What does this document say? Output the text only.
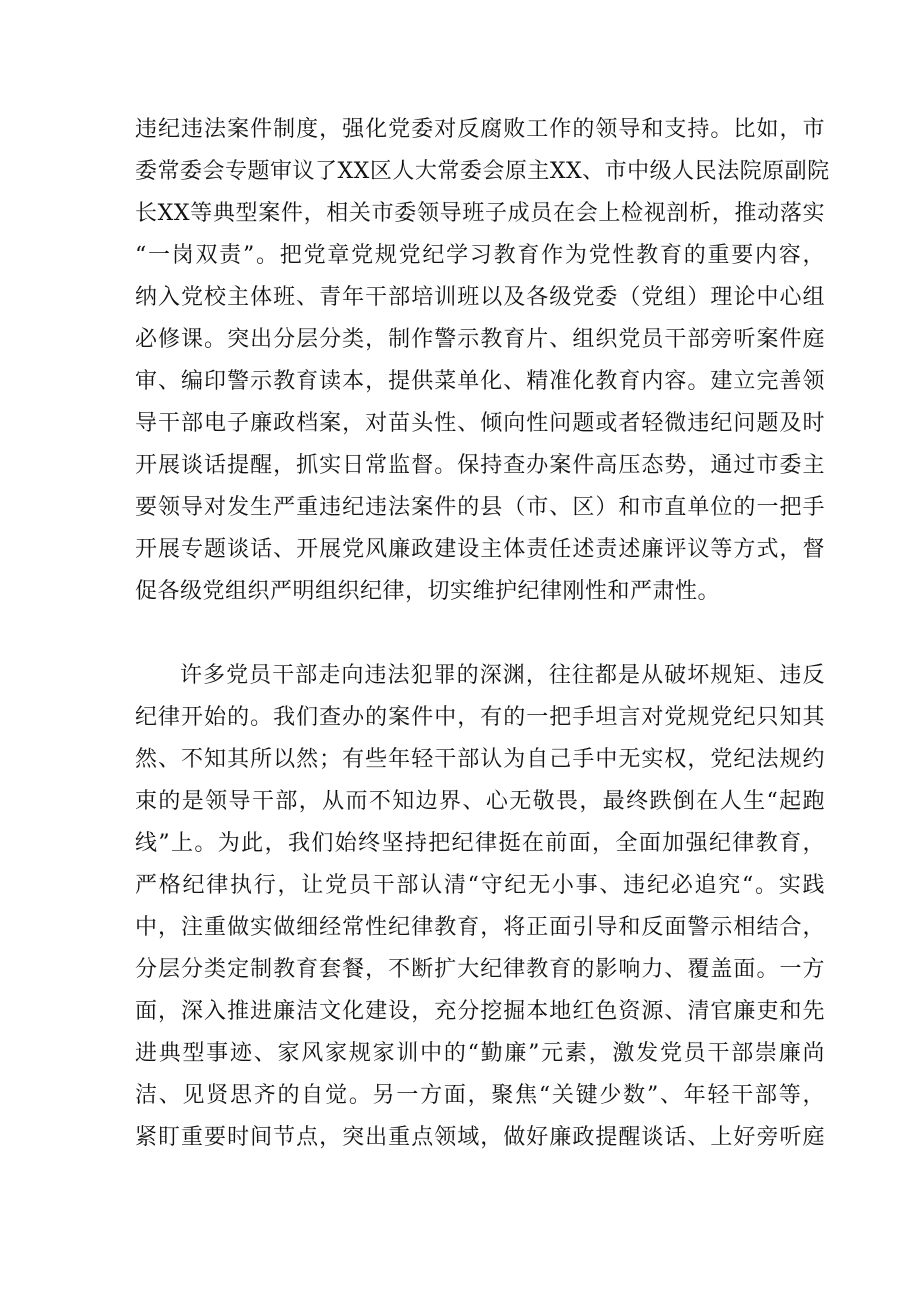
违纪违法案件制度，强化党委对反腐败工作的领导和支持。比如，市
委常委会专题审议了XX区人大常委会原主XX、市中级人民法院原副院
长XX等典型案件，相关市委领导班子成员在会上检视剖析，推动落实
“一岗双责”。把党章党规党纪学习教育作为党性教育的重要内容，
纳入党校主体班、青年干部培训班以及各级党委（党组）理论中心组
必修课。突出分层分类，制作警示教育片、组织党员干部旁听案件庭
审、编印警示教育读本，提供菜单化、精准化教育内容。建立完善领
导干部电子廉政档案，对苗头性、倾向性问题或者轻微违纪问题及时
开展谈话提醒，抓实日常监督。保持查办案件高压态势，通过市委主
要领导对发生严重违纪违法案件的县（市、区）和市直单位的一把手
开展专题谈话、开展党风廉政建设主体责任述责述廉评议等方式，督
促各级党组织严明组织纪律，切实维护纪律刚性和严肃性。
许多党员干部走向违法犯罪的深渊，往往都是从破坏规矩、违反
纪律开始的。我们查办的案件中，有的一把手坦言对党规党纪只知其
然、不知其所以然；有些年轻干部认为自己手中无实权，党纪法规约
束的是领导干部，从而不知边界、心无敬畏，最终跌倒在人生“起跑
线”上。为此，我们始终坚持把纪律挺在前面，全面加强纪律教育，
严格纪律执行，让党员干部认清“守纪无小事、违纪必追究“。实践
中，注重做实做细经常性纪律教育，将正面引导和反面警示相结合，
分层分类定制教育套餐，不断扩大纪律教育的影响力、覆盖面。一方
面，深入推进廉洁文化建设，充分挖掘本地红色资源、清官廉吏和先
进典型事迹、家风家规家训中的“勤廉”元素，激发党员干部崇廉尚
洁、见贤思齐的自觉。另一方面，聚焦“关键少数”、年轻干部等，
紧盯重要时间节点，突出重点领域，做好廉政提醒谈话、上好旁听庭
